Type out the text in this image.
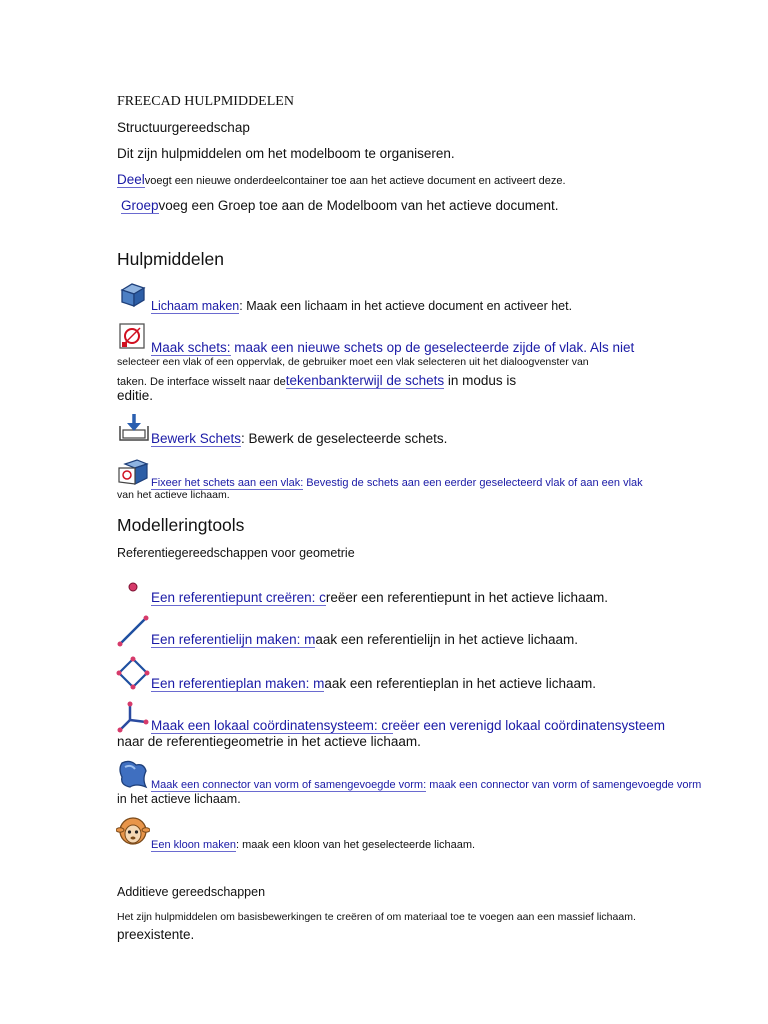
FREECAD HULPMIDDELEN
Structuurgereedschap
Dit zijn hulpmiddelen om het modelboom te organiseren.
Deelvoegt een nieuwe onderdeelcontainer toe aan het actieve document en activeert deze.
Groepvoeg een Groep toe aan de Modelboom van het actieve document.
Hulpmiddelen
Lichaam maken: Maak een lichaam in het actieve document en activeer het.
Maak schets: maak een nieuwe schets op de geselecteerde zijde of vlak. Als niet
selecteer een vlak of een oppervlak, de gebruiker moet een vlak selecteren uit het dialoogvenster van
taken. De interface wisselt naar detekenbankterwijl de schets in modus is
editie.
Bewerk Schets: Bewerk de geselecteerde schets.
Fixeer het schets aan een vlak: Bevestig de schets aan een eerder geselecteerd vlak of aan een vlak
van het actieve lichaam.
Modelleringtools
Referentiegereedschappen voor geometrie
Een referentiepunt creëren: creëer een referentiepunt in het actieve lichaam.
Een referentielijn maken: maak een referentielijn in het actieve lichaam.
Een referentieplan maken: maak een referentieplan in het actieve lichaam.
Maak een lokaal coördinatensysteem: creëer een verenigd lokaal coördinatensysteem
naar de referentiegeometrie in het actieve lichaam.
Maak een connector van vorm of samengevoegde vorm: maak een connector van vorm of samengevoegde vorm
in het actieve lichaam.
Een kloon maken: maak een kloon van het geselecteerde lichaam.
Additieve gereedschappen
Het zijn hulpmiddelen om basisbewerkingen te creëren of om materiaal toe te voegen aan een massief lichaam.
preexistente.
